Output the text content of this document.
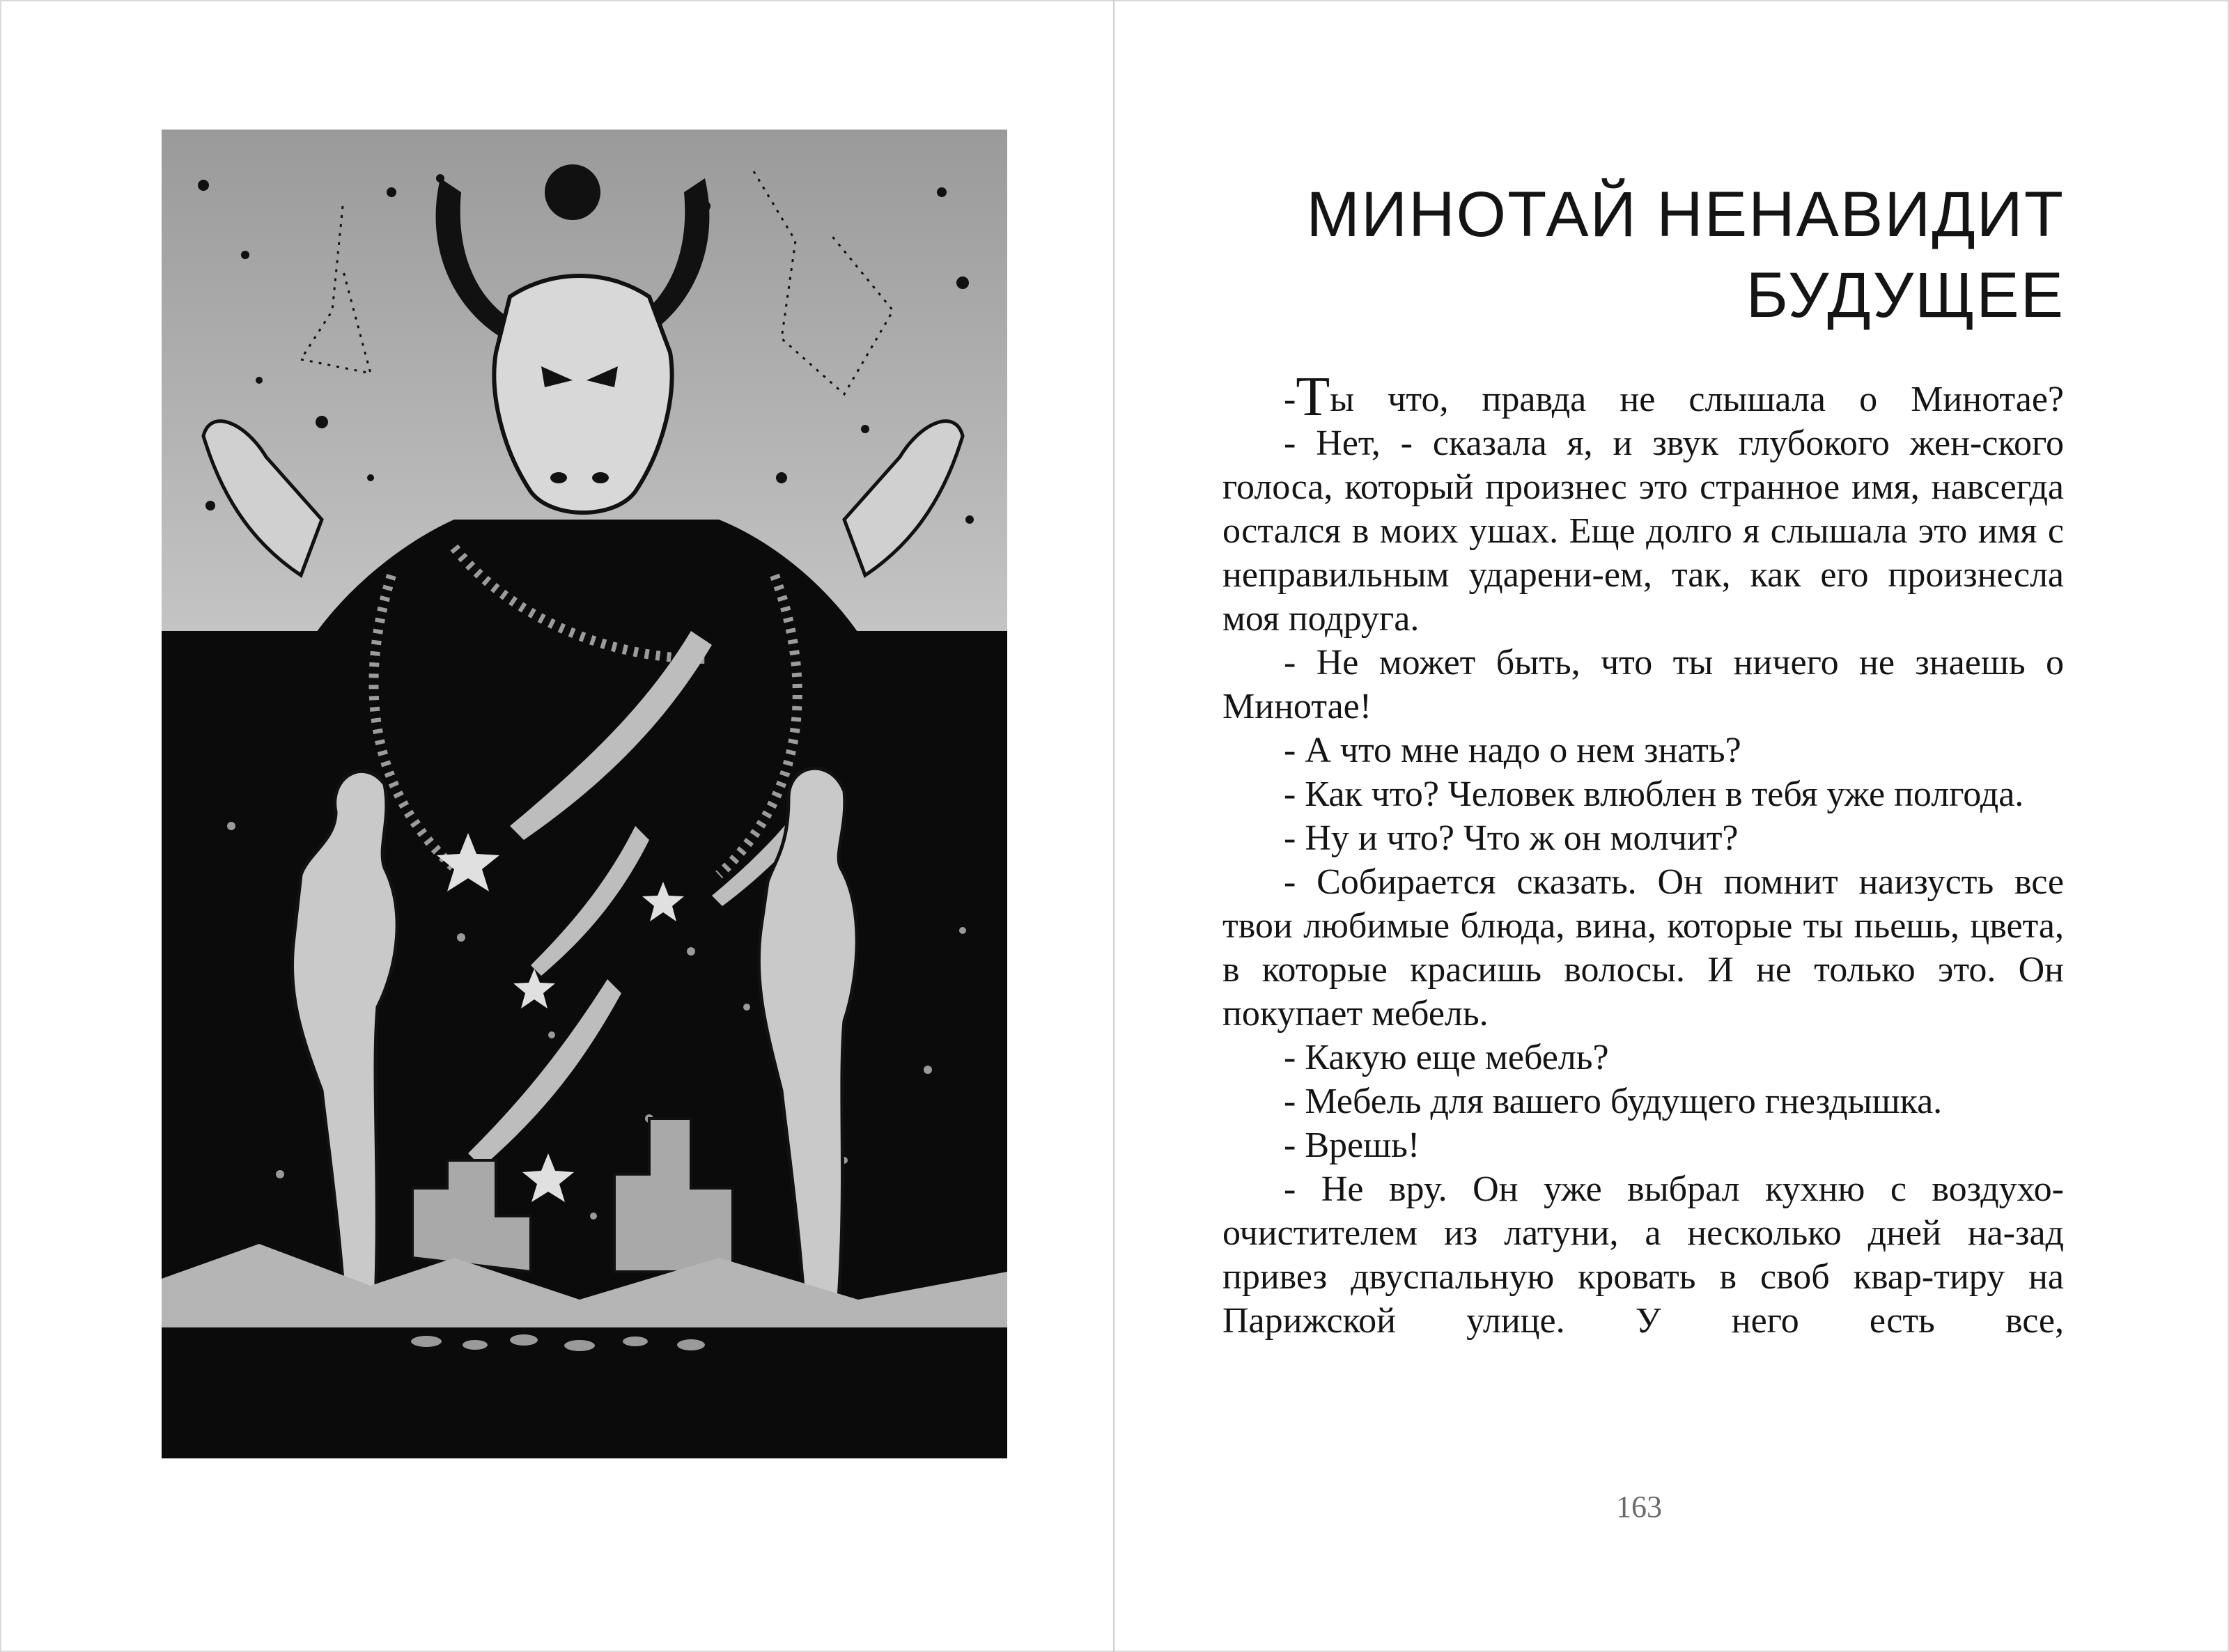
МИНОТАЙ НЕНАВИДИТ
БУДУЩЕЕ

-Ты что, правда не слышала о Минотае?

- Нет, - сказала я, и звук глубокого жен-ского голоса, который произнес это странное имя, навсегда остался в моих ушах. Еще долго я слышала это имя с неправильным ударени-ем, так, как его произнесла моя подруга.

- Не может быть, что ты ничего не знаешь о Минотае!

- А что мне надо о нем знать?

- Как что? Человек влюблен в тебя уже полгода.

- Ну и что? Что ж он молчит?

- Собирается сказать. Он помнит наизусть все твои любимые блюда, вина, которые ты пьешь, цвета, в которые красишь волосы. И не только это. Он покупает мебель.

- Какую еще мебель?

- Мебель для вашего будущего гнездышка.

- Врешь!

- Не вру. Он уже выбрал кухню с воздухо-очистителем из латуни, а несколько дней на-зад привез двуспальную кровать в своб квар-тиру на Парижской улице. У него есть все,

163
